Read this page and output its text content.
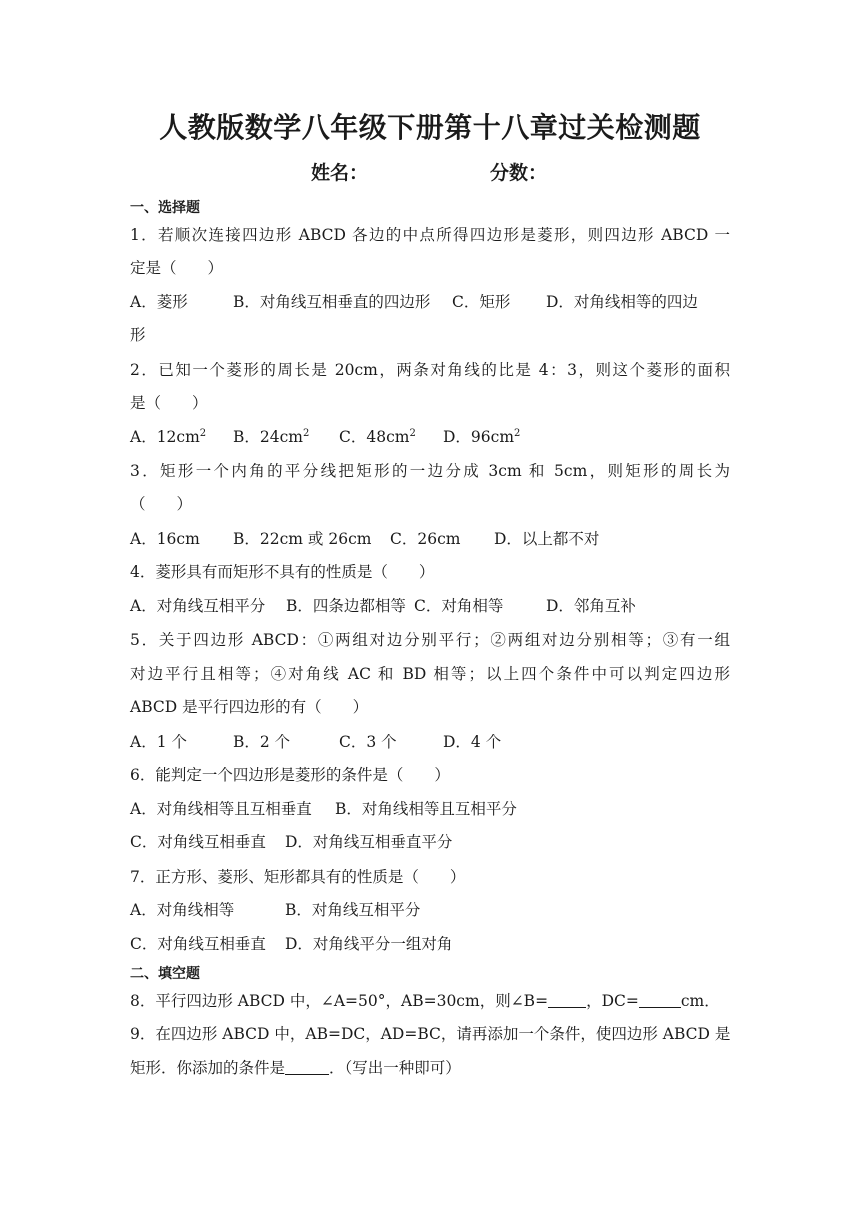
人教版数学八年级下册第十八章过关检测题
姓名：	分数：
一、选择题
1．若顺次连接四边形 ABCD 各边的中点所得四边形是菱形，则四边形 ABCD 一
定是（　　）
A．菱形	B．对角线互相垂直的四边形 C．矩形 D．对角线相等的四边
形
2．已知一个菱形的周长是 20cm，两条对角线的比是 4：3，则这个菱形的面积
是（　　）
A．$12cm^2$ B．$24cm^2$ C．$48cm^2$ D．$96cm^2$
3．矩形一个内角的平分线把矩形的一边分成 3cm 和 5cm，则矩形的周长为
（　　）
A．16cm B．22cm 或 26cm C．26cm D．以上都不对
4．菱形具有而矩形不具有的性质是（　　）
A．对角线互相平分 B．四条边都相等 C．对角相等	D．邻角互补
5．关于四边形 ABCD：①两组对边分别平行；②两组对边分别相等；③有一组
对边平行且相等；④对角线 AC 和 BD 相等；以上四个条件中可以判定四边形
ABCD 是平行四边形的有（　　）
A．1 个	B．2 个	C．3 个	D．4 个
6．能判定一个四边形是菱形的条件是（　　）
A．对角线相等且互相垂直 B．对角线相等且互相平分
C．对角线互相垂直 D．对角线互相垂直平分
7．正方形、菱形、矩形都具有的性质是（　　）
A．对角线相等	B．对角线互相平分
C．对角线互相垂直 D．对角线平分一组对角
二、填空题
8．平行四边形 ABCD 中，∠A=50°，AB=30cm，则∠B= ，DC=	cm．
9．在四边形 ABCD 中，AB=DC，AD=BC，请再添加一个条件，使四边形 ABCD 是
矩形．你添加的条件是	．（写出一种即可）
